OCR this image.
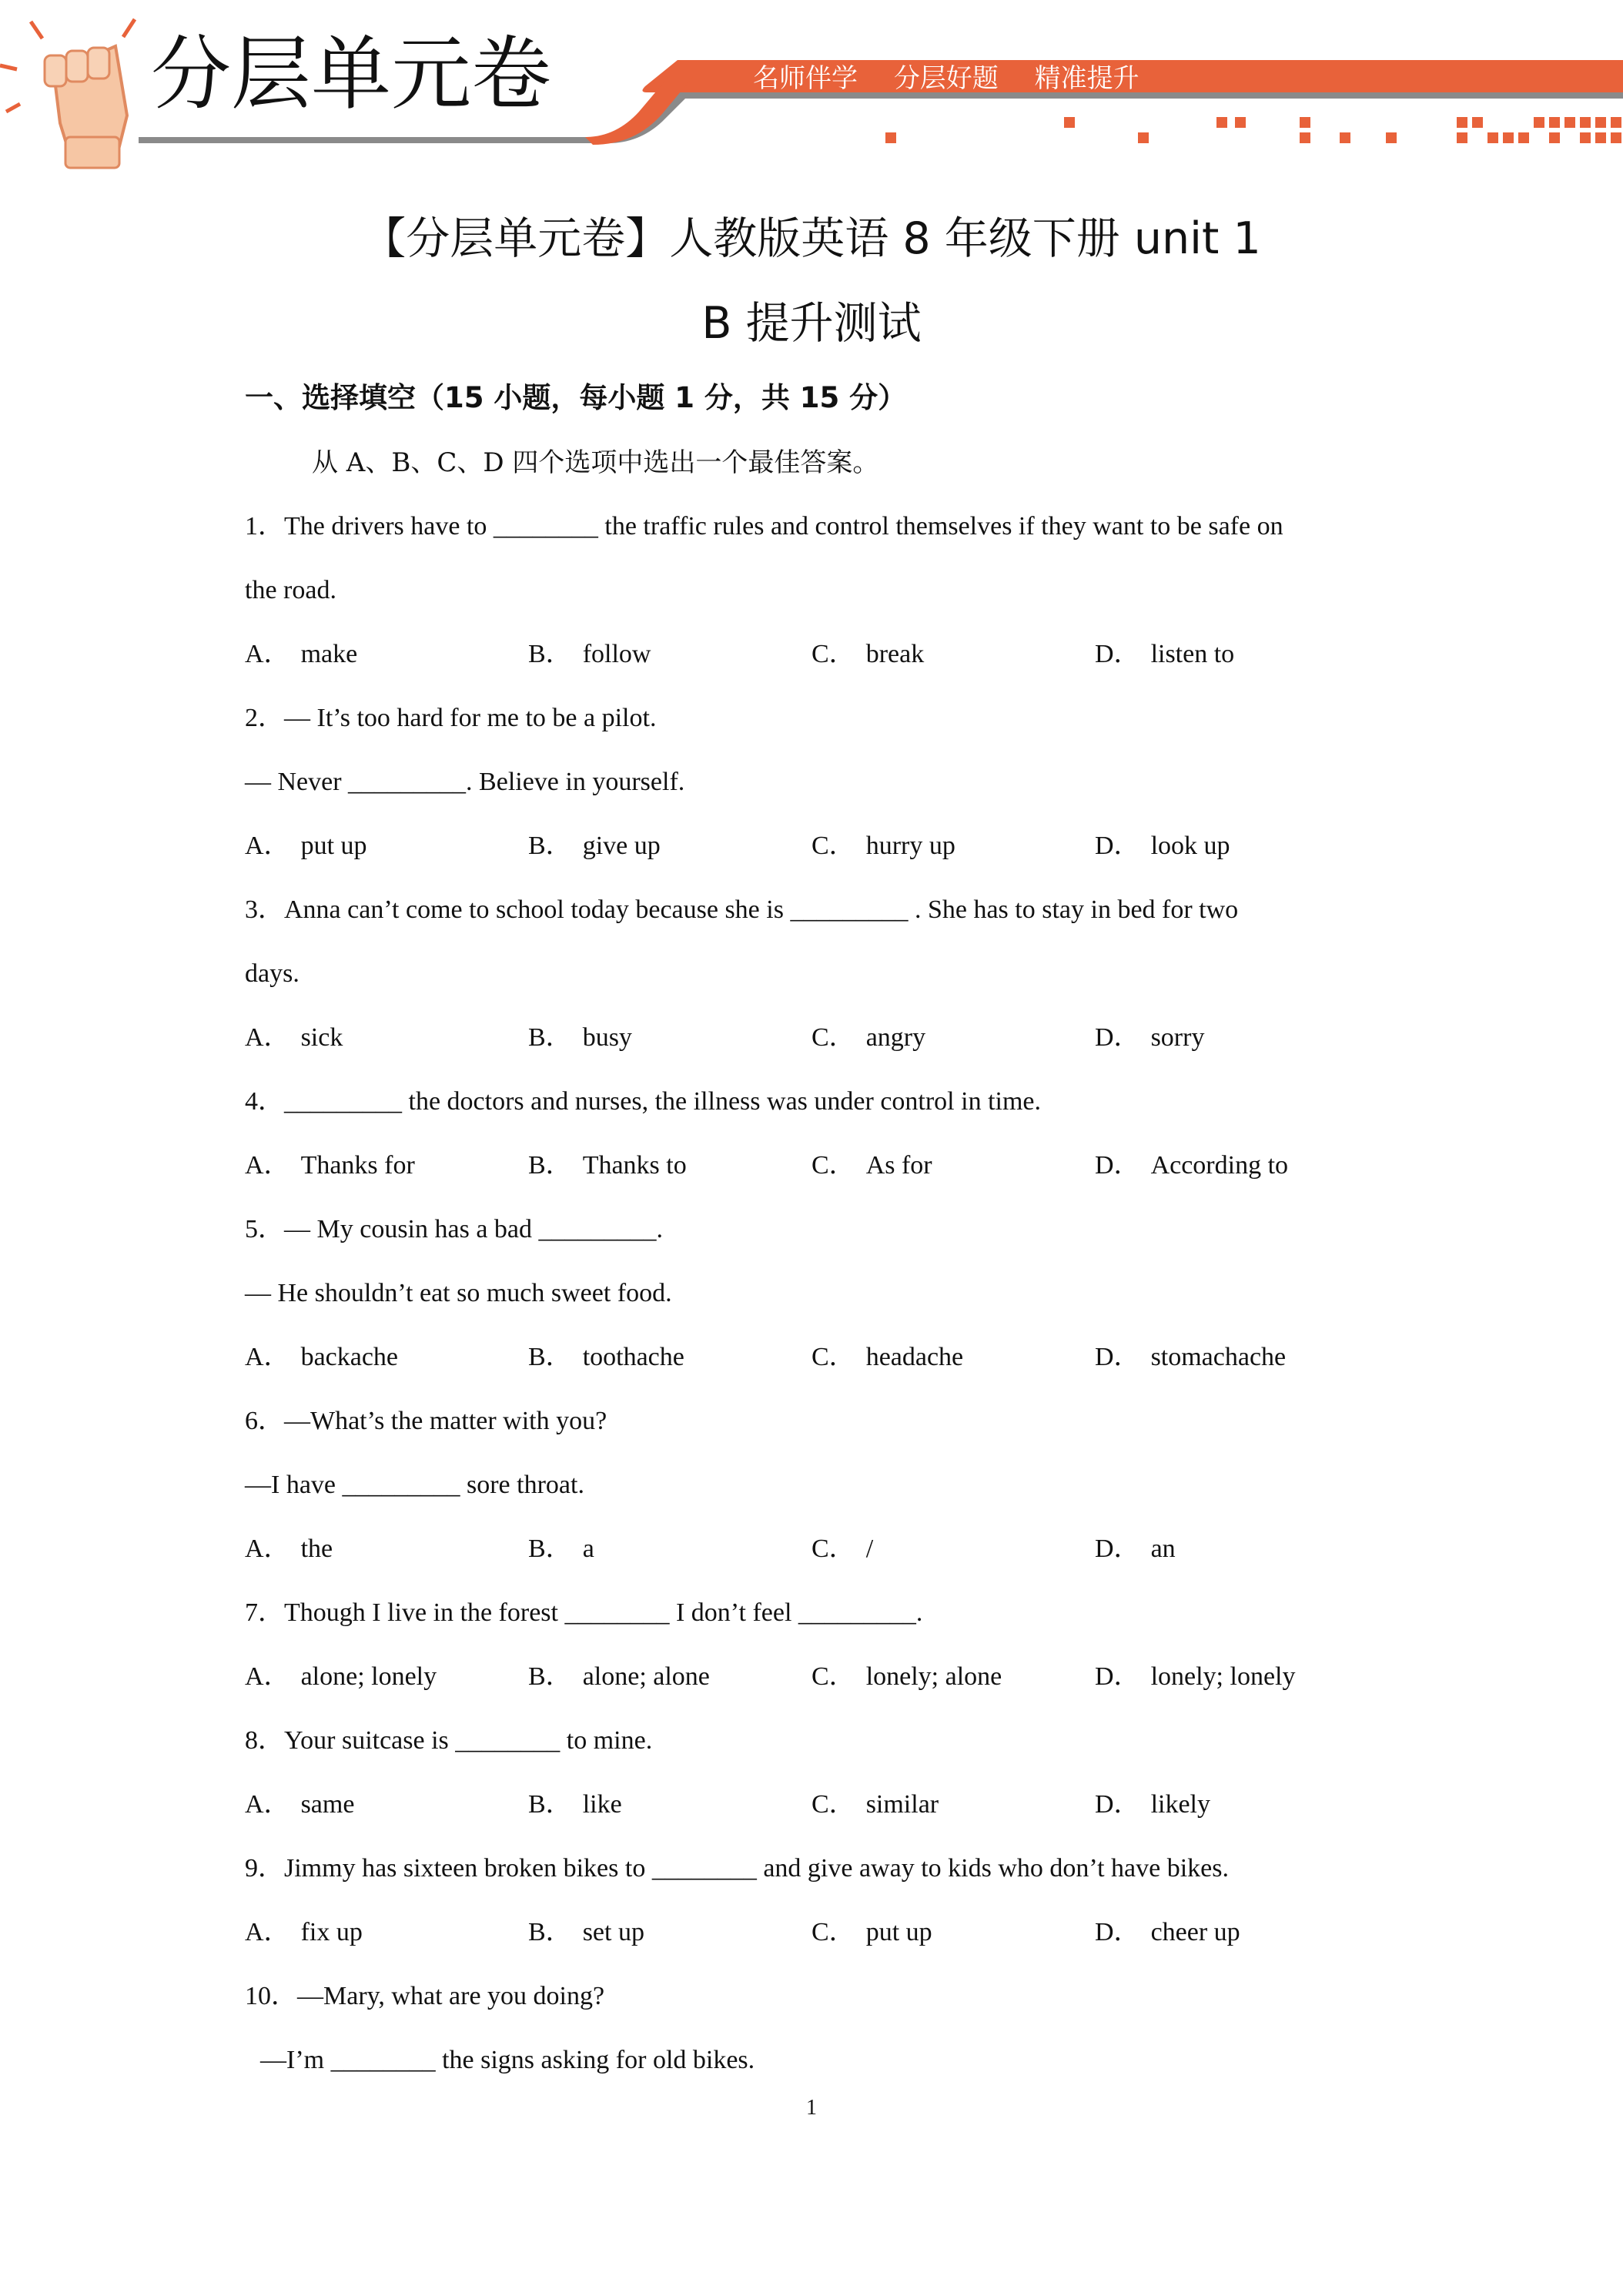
分层单元卷	名师伴学 分层好题 精准提升
【分层单元卷】人教版英语 8 年级下册 unit 1
B 提升测试
一、选择填空（15 小题，每小题 1 分，共 15 分）
从 A、B、C、D 四个选项中选出一个最佳答案。
1．The drivers have to ________ the traffic rules and control themselves if they want to be safe on
the road.
A． make	B． follow	C． break	D． listen to
2．— It’s too hard for me to be a pilot.
— Never _________. Believe in yourself.
A． put up	B． give up	C． hurry up	D． look up
3．Anna can’t come to school today because she is _________ . She has to stay in bed for two
days.
A． sick	B． busy	C． angry	D． sorry
4．_________ the doctors and nurses, the illness was under control in time.
A． Thanks for	B． Thanks to	C． As for	D． According to
5．— My cousin has a bad _________.
— He shouldn’t eat so much sweet food.
A． backache	B． toothache	C． headache	D． stomachache
6．—What’s the matter with you?
—I have _________ sore throat.
A． the	B． a	C． /	D． an
7．Though I live in the forest ________ I don’t feel _________.
A． alone; lonely	B． alone; alone	C． lonely; alone	D． lonely; lonely
8．Your suitcase is ________ to mine.
A． same	B． like	C． similar	D． likely
9．Jimmy has sixteen broken bikes to ________ and give away to kids who don’t have bikes.
A． fix up	B． set up	C． put up	D． cheer up
10．—Mary, what are you doing?
—I’m ________ the signs asking for old bikes.
1
